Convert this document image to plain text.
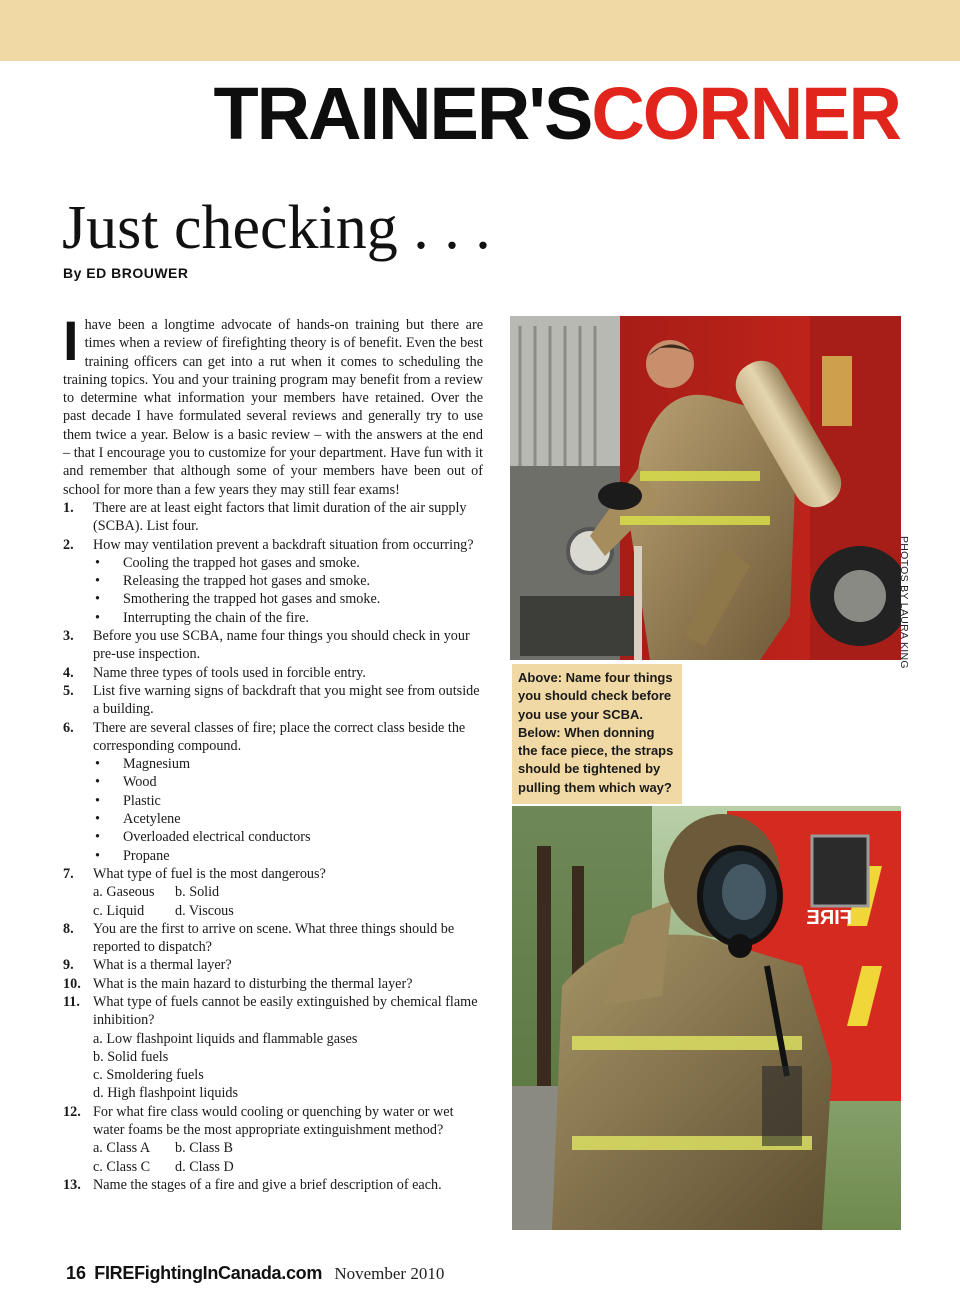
TRAINER'SCORNER
Just checking . . .
By ED BROUWER

Ihave been a longtime advocate of hands-on training but there are times when a review of firefighting theory is of benefit. Even the best training officers can get into a rut when it comes to scheduling the training topics. You and your training program may benefit from a review to determine what information your members have retained. Over the past decade I have formulated several reviews and generally try to use them twice a year. Below is a basic review – with the answers at the end – that I encourage you to customize for your department. Have fun with it and remember that although some of your members have been out of school for more than a few years they may still fear exams!

1. There are at least eight factors that limit duration of the air supply (SCBA). List four.
2. How may ventilation prevent a backdraft situation from occurring?
• Cooling the trapped hot gases and smoke.
• Releasing the trapped hot gases and smoke.
• Smothering the trapped hot gases and smoke.
• Interrupting the chain of the fire.
3. Before you use SCBA, name four things you should check in your pre-use inspection.
4. Name three types of tools used in forcible entry.
5. List five warning signs of backdraft that you might see from outside a building.
6. There are several classes of fire; place the correct class beside the corresponding compound.
• Magnesium
• Wood
• Plastic
• Acetylene
• Overloaded electrical conductors
• Propane
7. What type of fuel is the most dangerous?
a. Gaseous b. Solid
c. Liquid d. Viscous
8. You are the first to arrive on scene. What three things should be reported to dispatch?
9. What is a thermal layer?
10. What is the main hazard to disturbing the thermal layer?
11. What type of fuels cannot be easily extinguished by chemical flame inhibition?
a. Low flashpoint liquids and flammable gases
b. Solid fuels
c. Smoldering fuels
d. High flashpoint liquids
12. For what fire class would cooling or quenching by water or wet water foams be the most appropriate extinguishment method?
a. Class A b. Class B
c. Class C d. Class D
13. Name the stages of a fire and give a brief description of each.
PHOTOS BY LAURA KING

Above: Name four things you should check before you use your SCBA.

Below: When donning the face piece, the straps should be tightened by pulling them which way?

FIRE
16 FIREFightingInCanada.com November 2010
